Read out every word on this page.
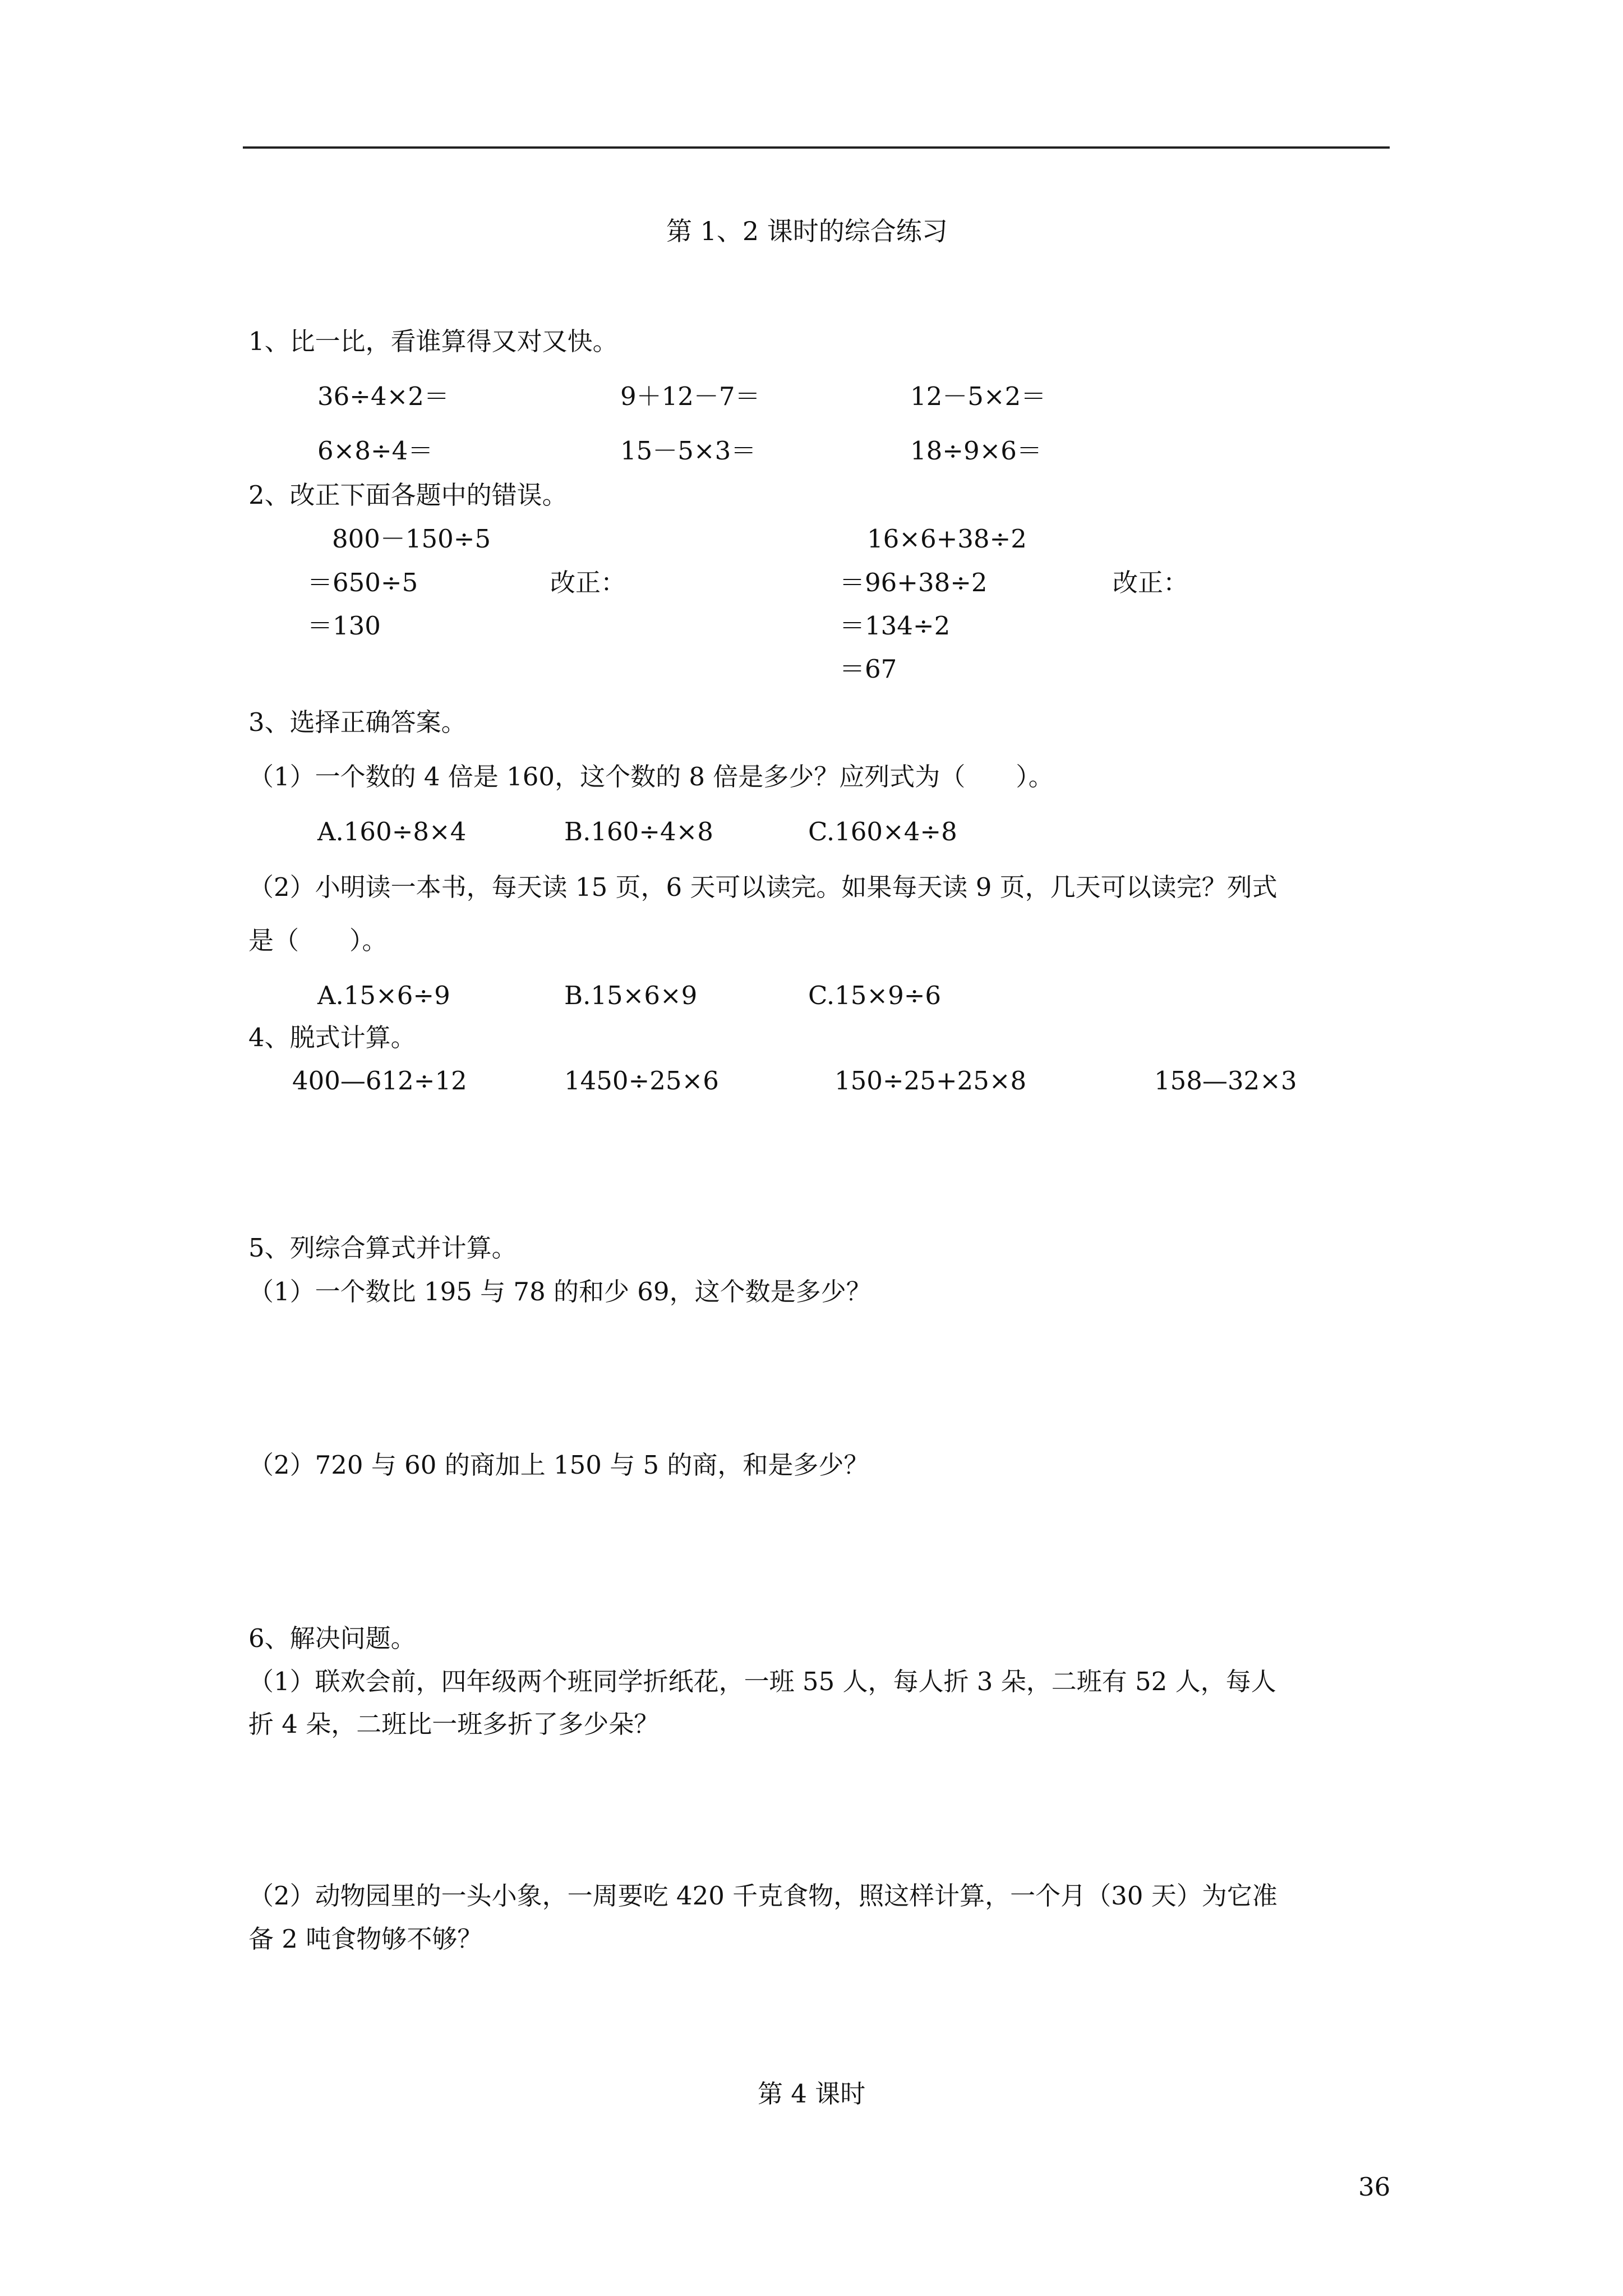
第 1、2 课时的综合练习
1、比一比，看谁算得又对又快。
36÷4×2＝	9＋12－7＝	12－5×2＝
6×8÷4＝	15－5×3＝	18÷9×6＝
2、改正下面各题中的错误。
800－150÷5
＝650÷5
＝130
改正：
16×6+38÷2
＝96+38÷2
＝134÷2
＝67
改正：
3、选择正确答案。
（1）一个数的 4 倍是 160，这个数的 8 倍是多少？应列式为（　　）。
A.160÷8×4	B.160÷4×8	C.160×4÷8
（2）小明读一本书，每天读 15 页，6 天可以读完。如果每天读 9 页，几天可以读完？列式
是（　　）。
A.15×6÷9	B.15×6×9	C.15×9÷6
4、脱式计算。
400—612÷12	1450÷25×6	150÷25+25×8	158—32×3
5、列综合算式并计算。
（1）一个数比 195 与 78 的和少 69，这个数是多少？
（2）720 与 60 的商加上 150 与 5 的商，和是多少？
6、解决问题。
（1）联欢会前，四年级两个班同学折纸花，一班 55 人，每人折 3 朵，二班有 52 人，每人
折 4 朵，二班比一班多折了多少朵？
（2）动物园里的一头小象，一周要吃 420 千克食物，照这样计算，一个月（30 天）为它准
备 2 吨食物够不够？
第 4 课时
36
